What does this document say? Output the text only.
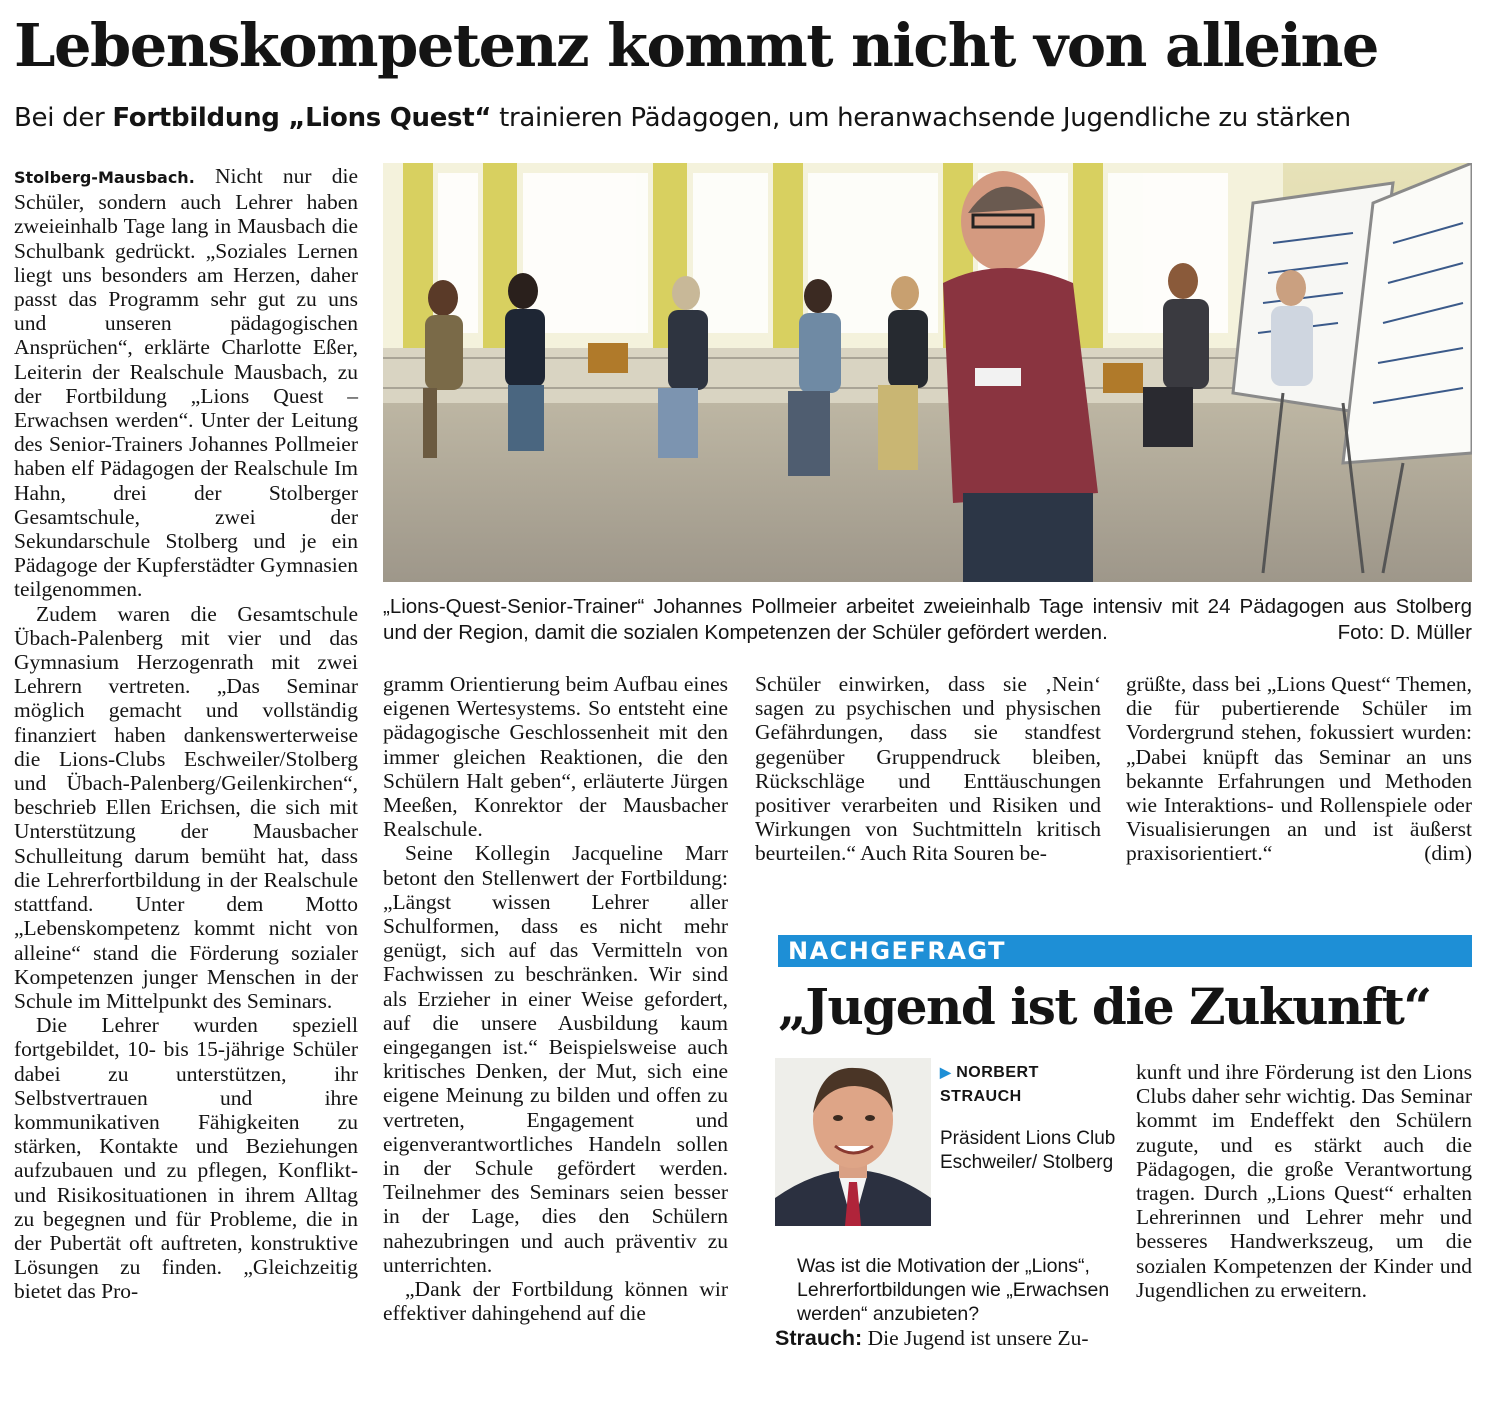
Lebenskompetenz kommt nicht von alleine
Bei der Fortbildung „Lions Quest“ trainieren Pädagogen, um heranwachsende Jugendliche zu stärken
„Lions-Quest-Senior-Trainer“ Johannes Pollmeier arbeitet zweieinhalb Tage intensiv mit 24 Pädagogen aus Stolberg und der Region, damit die sozialen Kompetenzen der Schüler gefördert werden.	Foto: D. Müller

Stolberg-Mausbach. Nicht nur die Schüler, sondern auch Lehrer haben zweieinhalb Tage lang in Mausbach die Schulbank gedrückt. „Soziales Lernen liegt uns besonders am Herzen, daher passt das Programm sehr gut zu uns und unseren pädagogischen Ansprüchen“, erklärte Charlotte Eßer, Leiterin der Realschule Mausbach, zu der Fortbildung „Lions Quest – Erwachsen werden“. Unter der Leitung des Senior-Trainers Johannes Pollmeier haben elf Pädagogen der Realschule Im Hahn, drei der Stolberger Gesamtschule, zwei der Sekundarschule Stolberg und je ein Pädagoge der Kupferstädter Gymnasien teilgenommen.

Zudem waren die Gesamtschule Übach-Palenberg mit vier und das Gymnasium Herzogenrath mit zwei Lehrern vertreten. „Das Seminar möglich gemacht und vollständig finanziert haben dankenswerterweise die Lions-Clubs Eschweiler/Stolberg und Übach-Palenberg/Geilenkirchen“, beschrieb Ellen Erichsen, die sich mit Unterstützung der Mausbacher Schulleitung darum bemüht hat, dass die Lehrerfortbildung in der Realschule stattfand. Unter dem Motto „Lebenskompetenz kommt nicht von alleine“ stand die Förderung sozialer Kompetenzen junger Menschen in der Schule im Mittelpunkt des Seminars.

Die Lehrer wurden speziell fortgebildet, 10- bis 15-jährige Schüler dabei zu unterstützen, ihr Selbstvertrauen und ihre kommunikativen Fähigkeiten zu stärken, Kontakte und Beziehungen aufzubauen und zu pflegen, Konflikt- und Risikosituationen in ihrem Alltag zu begegnen und für Probleme, die in der Pubertät oft auftreten, konstruktive Lösungen zu finden. „Gleichzeitig bietet das Pro-

gramm Orientierung beim Aufbau eines eigenen Wertesystems. So entsteht eine pädagogische Geschlossenheit mit den immer gleichen Reaktionen, die den Schülern Halt geben“, erläuterte Jürgen Meeßen, Konrektor der Mausbacher Realschule.

Seine Kollegin Jacqueline Marr betont den Stellenwert der Fortbildung: „Längst wissen Lehrer aller Schulformen, dass es nicht mehr genügt, sich auf das Vermitteln von Fachwissen zu beschränken. Wir sind als Erzieher in einer Weise gefordert, auf die unsere Ausbildung kaum eingegangen ist.“ Beispielsweise auch kritisches Denken, der Mut, sich eine eigene Meinung zu bilden und offen zu vertreten, Engagement und eigenverantwortliches Handeln sollen in der Schule gefördert werden. Teilnehmer des Seminars seien besser in der Lage, dies den Schülern nahezubringen und auch präventiv zu unterrichten.

„Dank der Fortbildung können wir effektiver dahingehend auf die

Schüler einwirken, dass sie ‚Nein‘ sagen zu psychischen und physischen Gefährdungen, dass sie standfest gegenüber Gruppendruck bleiben, Rückschläge und Enttäuschungen positiver verarbeiten und Risiken und Wirkungen von Suchtmitteln kritisch beurteilen.“ Auch Rita Souren be-

grüßte, dass bei „Lions Quest“ Themen, die für pubertierende Schüler im Vordergrund stehen, fokussiert wurden: „Dabei knüpft das Seminar an uns bekannte Erfahrungen und Methoden wie Interaktions- und Rollenspiele oder Visualisierungen an und ist äußerst praxisorientiert.“	(dim)

NACHGEFRAGT
„Jugend ist die Zukunft“
▶ NORBERT STRAUCH
Präsident Lions Club Eschweiler/ Stolberg
Was ist die Motivation der „Lions“, Lehrerfortbildungen wie „Erwachsen werden“ anzubieten?
Strauch: Die Jugend ist unsere Zu-
kunft und ihre Förderung ist den Lions Clubs daher sehr wichtig. Das Seminar kommt im Endeffekt den Schülern zugute, und es stärkt auch die Pädagogen, die große Verantwortung tragen. Durch „Lions Quest“ erhalten Lehrerinnen und Lehrer mehr und besseres Handwerkszeug, um die sozialen Kompetenzen der Kinder und Jugendlichen zu erweitern.
